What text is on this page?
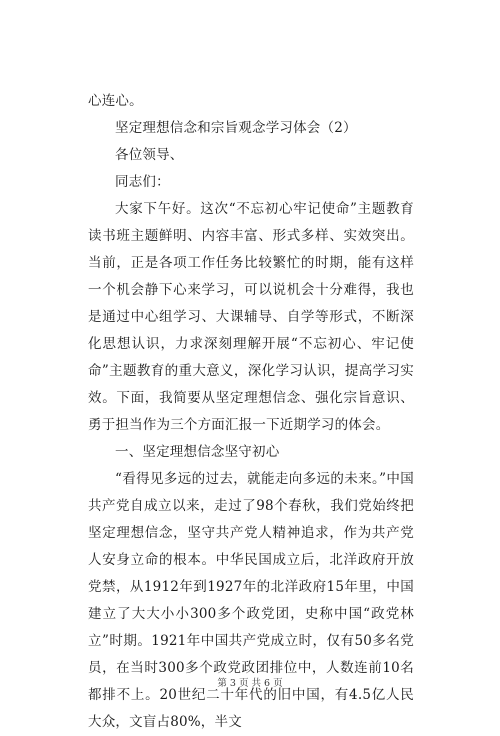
心连心。

坚定理想信念和宗旨观念学习体会（2）

各位领导、

同志们：

大家下午好。这次“不忘初心牢记使命”主题教育读书班主题鲜明、内容丰富、形式多样、实效突出。当前，正是各项工作任务比较繁忙的时期，能有这样一个机会静下心来学习，可以说机会十分难得，我也是通过中心组学习、大课辅导、自学等形式，不断深化思想认识，力求深刻理解开展“不忘初心、牢记使命”主题教育的重大意义，深化学习认识，提高学习实效。下面，我简要从坚定理想信念、强化宗旨意识、勇于担当作为三个方面汇报一下近期学习的体会。

一、坚定理想信念坚守初心

“看得见多远的过去，就能走向多远的未来。”中国共产党自成立以来，走过了98个春秋，我们党始终把坚定理想信念，坚守共产党人精神追求，作为共产党人安身立命的根本。中华民国成立后，北洋政府开放党禁，从1912年到1927年的北洋政府15年里，中国建立了大大小小300多个政党团，史称中国“政党林立”时期。1921年中国共产党成立时，仅有50多名党员，在当时300多个政党政团排位中，人数连前10名都排不上。20世纪二十年代的旧中国，有4.5亿人民大众，文盲占80%，半文

第 3 页 共 6 页
